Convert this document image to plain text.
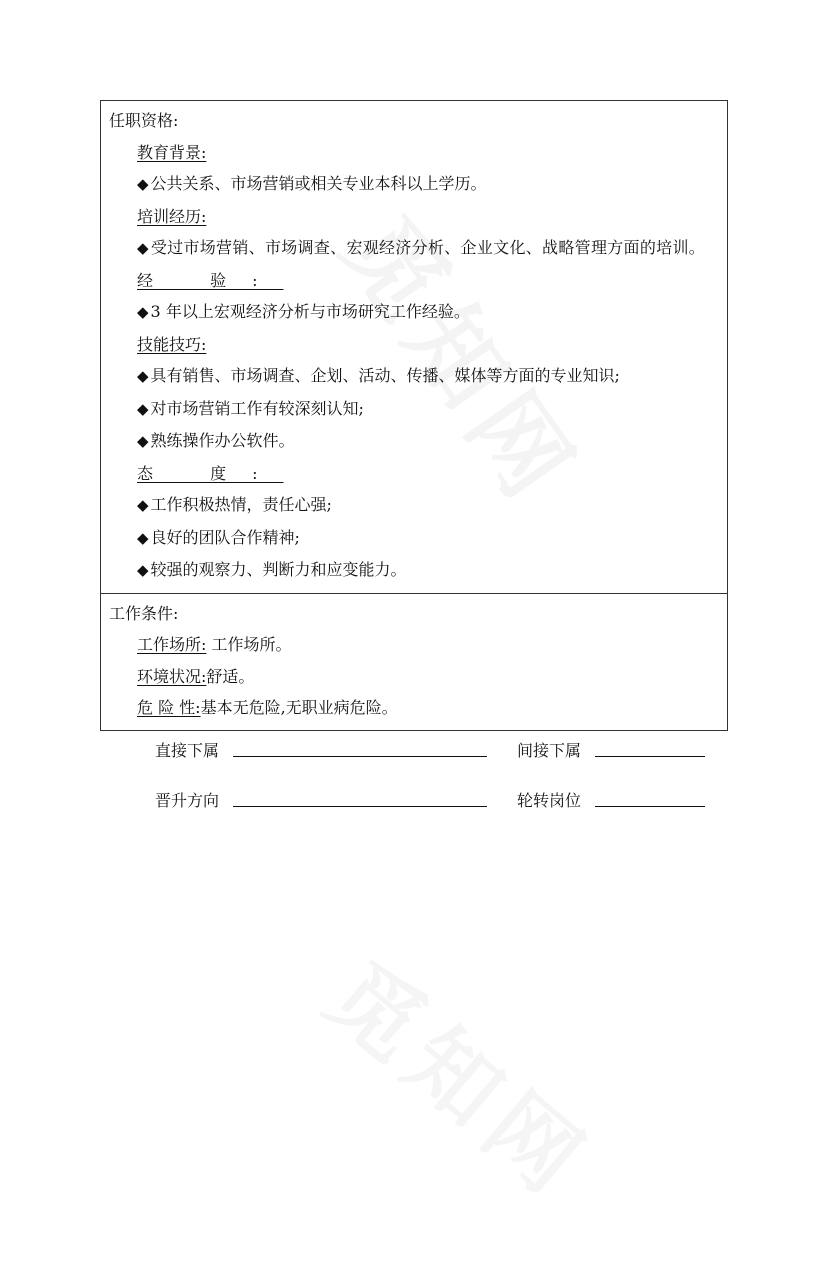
任职资格:
教育背景:
◆ 公共关系、市场营销或相关专业本科以上学历。
培训经历:
◆ 受过市场营销、市场调查、宏观经济分析、企业文化、战略管理方面的培训。
经 验:
◆ 3 年以上宏观经济分析与市场研究工作经验。
技能技巧:
◆ 具有销售、市场调查、企划、活动、传播、媒体等方面的专业知识;
◆ 对市场营销工作有较深刻认知;
◆ 熟练操作办公软件。
态 度:
◆ 工作积极热情，责任心强;
◆ 良好的团队合作精神;
◆ 较强的观察力、判断力和应变能力。
工作条件:
工作场所: 工作场所。
环境状况:舒适。
危 险 性:基本无危险,无职业病危险。
直接下属	间接下属
晋升方向	轮转岗位
